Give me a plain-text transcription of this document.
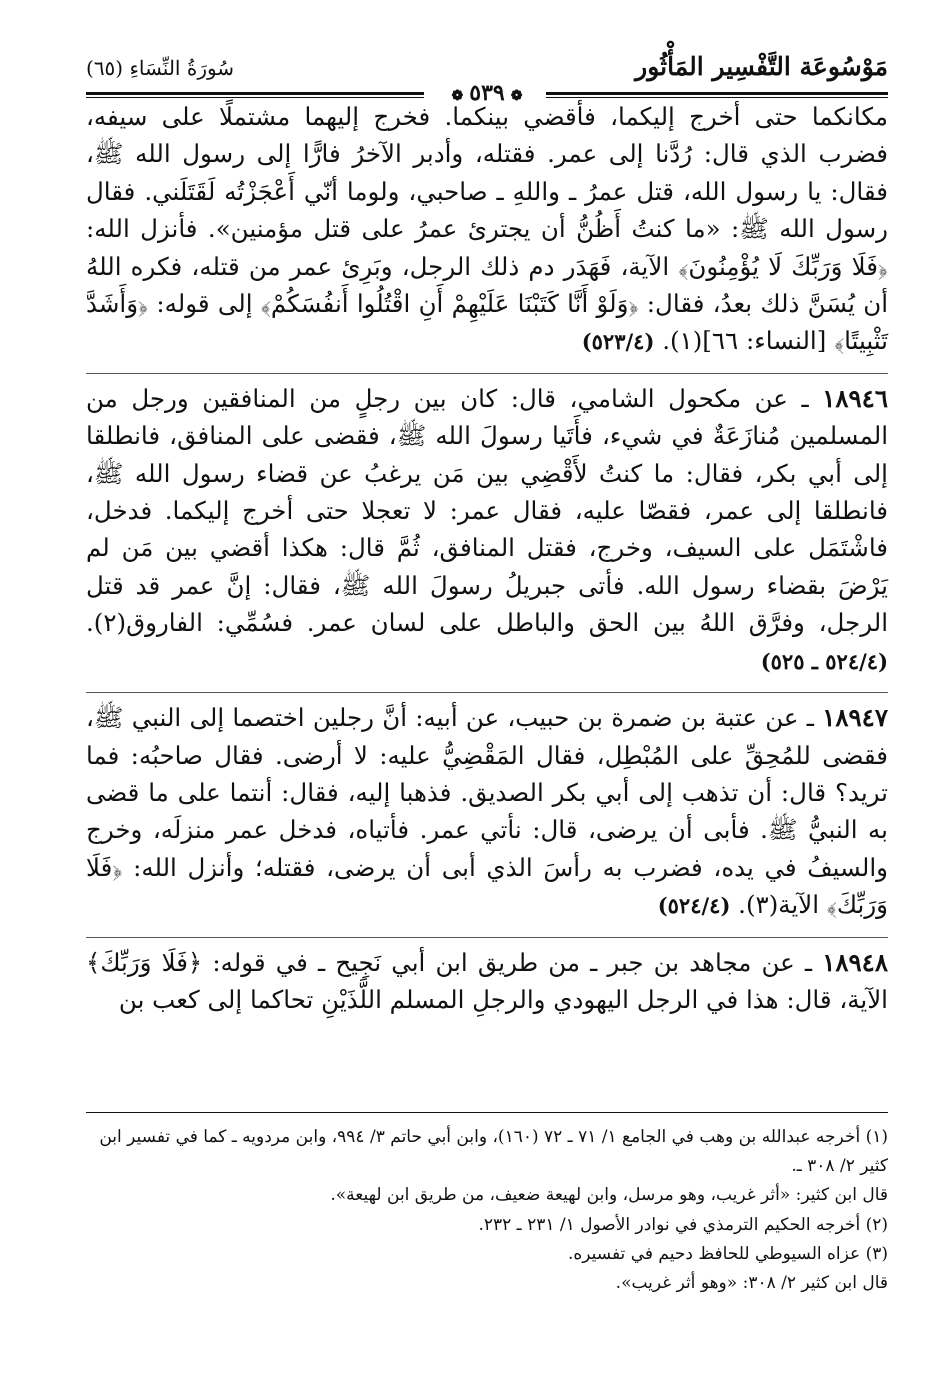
مَوْسُوعَة التَّفْسِير المَأْثُور
سُورَةُ النِّسَاءِ (٦٥)
❁٥٣٩❁

مكانكما حتى أخرج إليكما، فأقضي بينكما. فخرج إليهما مشتملًا على سيفه، فضرب الذي قال: رُدَّنا إلى عمر. فقتله، وأدبر الآخرُ فارًّا إلى رسول الله ﷺ، فقال: يا رسول الله، قتل عمرُ ـ واللهِ ـ صاحبي، ولوما أنّي أَعْجَزْتُه لَقَتَلَني. فقال رسول الله ﷺ: «ما كنتُ أَظُنُّ أن يجترئ عمرُ على قتل مؤمنين». فأنزل الله: ﴿فَلَا وَرَبِّكَ لَا يُؤْمِنُونَ﴾ الآية، فَهَدَر دم ذلك الرجل، وبَرِئ عمر من قتله، فكره اللهُ أن يُسَنَّ ذلك بعدُ، فقال: ﴿وَلَوْ أَنَّا كَتَبْنَا عَلَيْهِمْ أَنِ اقْتُلُوا أَنفُسَكُمْ﴾ إلى قوله: ﴿وَأَشَدَّ تَثْبِيتًا﴾ [النساء: ٦٦](١). (٥٢٣/٤)

١٨٩٤٦ ـ عن مكحول الشامي، قال: كان بين رجلٍ من المنافقين ورجل من المسلمين مُنازَعَةٌ في شيء، فأَتَيا رسولَ الله ﷺ، فقضى على المنافق، فانطلقا إلى أبي بكر، فقال: ما كنتُ لأَقْضِي بين مَن يرغبُ عن قضاء رسول الله ﷺ، فانطلقا إلى عمر، فقصّا عليه، فقال عمر: لا تعجلا حتى أخرج إليكما. فدخل، فاشْتَمَل على السيف، وخرج، فقتل المنافق، ثُمَّ قال: هكذا أقضي بين مَن لم يَرْضَ بقضاء رسول الله. فأتى جبريلُ رسولَ الله ﷺ، فقال: إنَّ عمر قد قتل الرجل، وفرَّق اللهُ بين الحق والباطل على لسان عمر. فسُمِّي: الفاروق(٢). (٥٢٤/٤ ـ ٥٢٥)

١٨٩٤٧ ـ عن عتبة بن ضمرة بن حبيب، عن أبيه: أنَّ رجلين اختصما إلى النبي ﷺ، فقضى للمُحِقِّ على المُبْطِل، فقال المَقْضِيُّ عليه: لا أرضى. فقال صاحبُه: فما تريد؟ قال: أن تذهب إلى أبي بكر الصديق. فذهبا إليه، فقال: أنتما على ما قضى به النبيُّ ﷺ. فأبى أن يرضى، قال: نأتي عمر. فأتياه، فدخل عمر منزلَه، وخرج والسيفُ في يده، فضرب به رأسَ الذي أبى أن يرضى، فقتله؛ وأنزل الله: ﴿فَلَا وَرَبِّكَ﴾ الآية(٣). (٥٢٤/٤)

١٨٩٤٨ ـ عن مجاهد بن جبر ـ من طريق ابن أبي نَجِيح ـ في قوله: ﴿فَلَا وَرَبِّكَ﴾ الآية، قال: هذا في الرجل اليهودي والرجلِ المسلم اللَّذَيْنِ تحاكما إلى كعب بن

(١) أخرجه عبدالله بن وهب في الجامع ١/ ٧١ ـ ٧٢ (١٦٠)، وابن أبي حاتم ٣/ ٩٩٤، وابن مردويه ـ كما في تفسير ابن كثير ٢/ ٣٠٨ ـ.
قال ابن كثير: «أثر غريب، وهو مرسل، وابن لهيعة ضعيف، من طريق ابن لهيعة».
(٢) أخرجه الحكيم الترمذي في نوادر الأصول ١/ ٢٣١ ـ ٢٣٢.
(٣) عزاه السيوطي للحافظ دحيم في تفسيره.
قال ابن كثير ٢/ ٣٠٨: «وهو أثر غريب».
